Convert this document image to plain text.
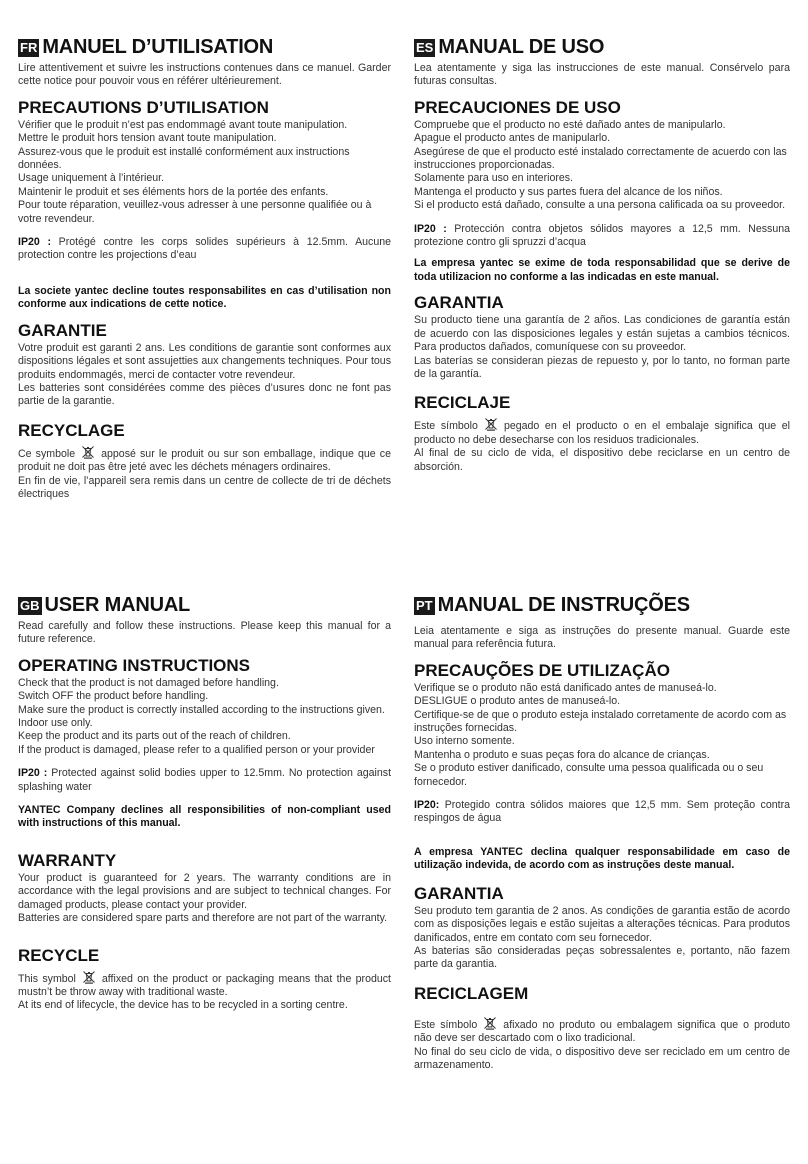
FR MANUEL D’UTILISATION

Lire attentivement et suivre les instructions contenues dans ce manuel. Garder cette notice pour pouvoir vous en référer ultérieurement.

PRECAUTIONS D’UTILISATION

Vérifier que le produit n’est pas endommagé avant toute manipulation.

Mettre le produit hors tension avant toute manipulation.

Assurez-vous que le produit est installé conformément aux instructions données.

Usage uniquement à l’intérieur.

Maintenir le produit et ses éléments hors de la portée des enfants.

Pour toute réparation, veuillez-vous adresser à une personne qualifiée ou à votre revendeur.

IP20 : Protégé contre les corps solides supérieurs à 12.5mm. Aucune protection contre les projections d’eau

La societe yantec decline toutes responsabilites en cas d’utilisation non conforme aux indications de cette notice.

GARANTIE

Votre produit est garanti 2 ans. Les conditions de garantie sont conformes aux dispositions légales et sont assujetties aux changements techniques. Pour tous produits endommagés, merci de contacter votre revendeur.

Les batteries sont considérées comme des pièces d’usures donc ne font pas partie de la garantie.

RECYCLAGE

Ce symbole apposé sur le produit ou sur son emballage, indique que ce produit ne doit pas être jeté avec les déchets ménagers ordinaires.

En fin de vie, l’appareil sera remis dans un centre de collecte de tri de déchets électriques

ES MANUAL DE USO

Lea atentamente y siga las instrucciones de este manual. Consérvelo para futuras consultas.

PRECAUCIONES DE USO

Compruebe que el producto no esté dañado antes de manipularlo.

Apague el producto antes de manipularlo.

Asegúrese de que el producto esté instalado correctamente de acuerdo con las instrucciones proporcionadas.

Solamente para uso en interiores.

Mantenga el producto y sus partes fuera del alcance de los niños.

Si el producto está dañado, consulte a una persona calificada oa su proveedor.

IP20 : Protección contra objetos sólidos mayores a 12,5 mm. Nessuna protezione contro gli spruzzi d’acqua

La empresa yantec se exime de toda responsabilidad que se derive de toda utilizacion no conforme a las indicadas en este manual.

GARANTIA

Su producto tiene una garantía de 2 años. Las condiciones de garantía están de acuerdo con las disposiciones legales y están sujetas a cambios técnicos. Para productos dañados, comuníquese con su proveedor.

Las baterías se consideran piezas de repuesto y, por lo tanto, no forman parte de la garantía.

RECICLAJE

Este símbolo pegado en el producto o en el embalaje significa que el producto no debe desecharse con los residuos tradicionales.

Al final de su ciclo de vida, el dispositivo debe reciclarse en un centro de absorción.

GB USER MANUAL

Read carefully and follow these instructions. Please keep this manual for a future reference.

OPERATING INSTRUCTIONS

Check that the product is not damaged before handling.

Switch OFF the product before handling.

Make sure the product is correctly installed according to the instructions given.

Indoor use only.

Keep the product and its parts out of the reach of children.

If the product is damaged, please refer to a qualified person or your provider

IP20 : Protected against solid bodies upper to 12.5mm. No protection against splashing water

YANTEC Company declines all responsibilities of non-compliant used with instructions of this manual.

WARRANTY

Your product is guaranteed for 2 years. The warranty conditions are in accordance with the legal provisions and are subject to technical changes. For damaged products, please contact your provider.

Batteries are considered spare parts and therefore are not part of the warranty.

RECYCLE

This symbol affixed on the product or packaging means that the product mustn’t be throw away with traditional waste.

At its end of lifecycle, the device has to be recycled in a sorting centre.

PT MANUAL DE INSTRUÇÕES

Leia atentamente e siga as instruções do presente manual. Guarde este manual para referência futura.

PRECAUÇÕES DE UTILIZAÇÃO

Verifique se o produto não está danificado antes de manuseá-lo.

DESLIGUE o produto antes de manuseá-lo.

Certifique-se de que o produto esteja instalado corretamente de acordo com as instruções fornecidas.

Uso interno somente.

Mantenha o produto e suas peças fora do alcance de crianças.

Se o produto estiver danificado, consulte uma pessoa qualificada ou o seu fornecedor.

IP20: Protegido contra sólidos maiores que 12,5 mm. Sem proteção contra respingos de água

A empresa YANTEC declina qualquer responsabilidade em caso de utilização indevida, de acordo com as instruções deste manual.

GARANTIA

Seu produto tem garantia de 2 anos. As condições de garantia estão de acordo com as disposições legais e estão sujeitas a alterações técnicas. Para produtos danificados, entre em contato com seu fornecedor.

As baterias são consideradas peças sobressalentes e, portanto, não fazem parte da garantia.

RECICLAGEM

Este símbolo afixado no produto ou embalagem significa que o produto não deve ser descartado com o lixo tradicional.

No final do seu ciclo de vida, o dispositivo deve ser reciclado em um centro de armazenamento.
